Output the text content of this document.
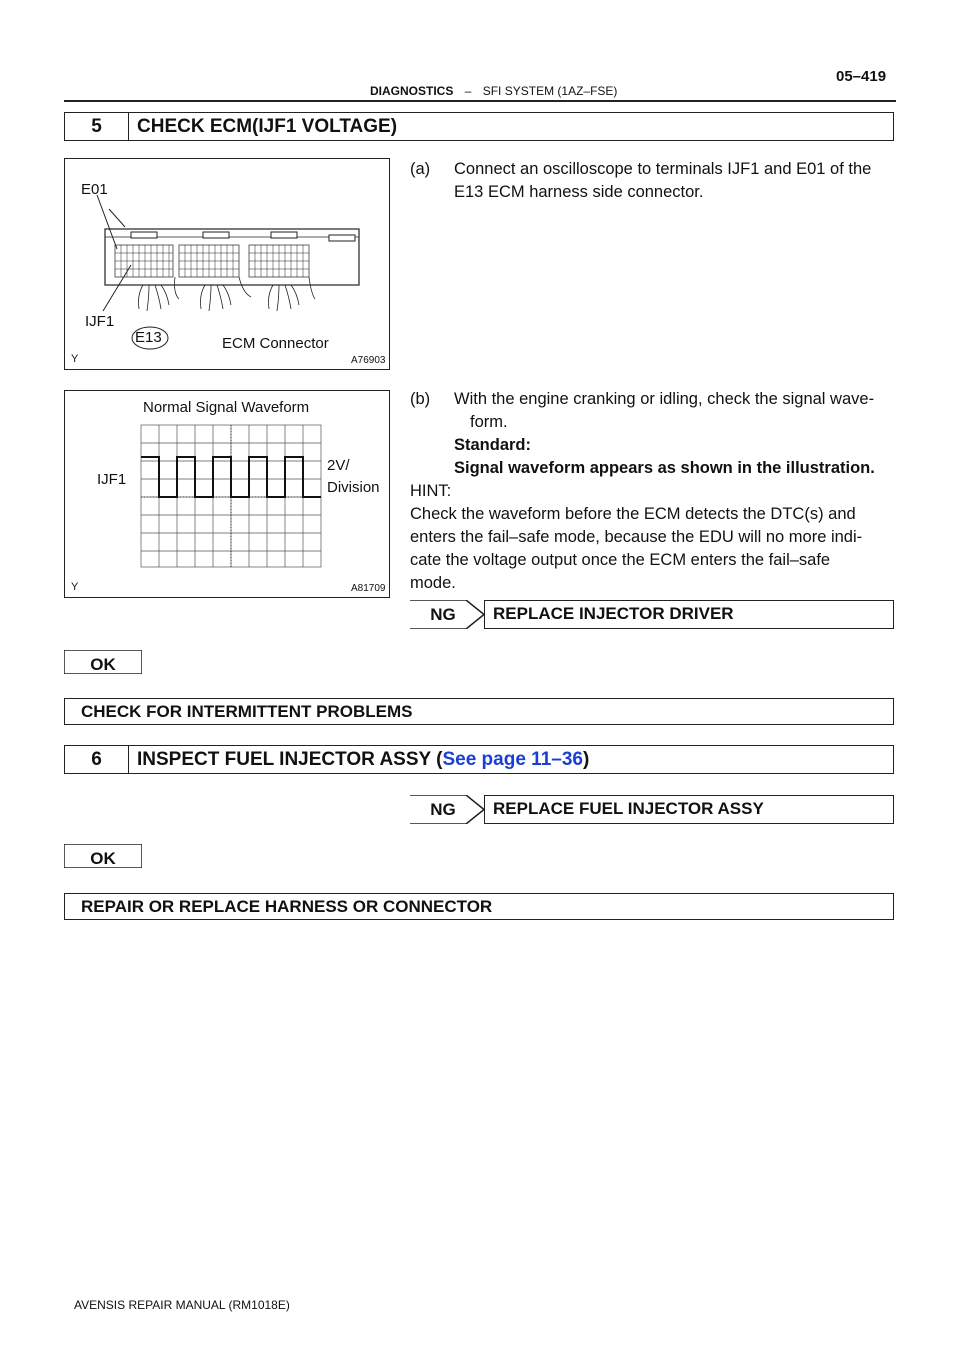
05–419
DIAGNOSTICS – SFI SYSTEM (1AZ–FSE)
5	CHECK ECM(IJF1 VOLTAGE)
E01
IJF1
E13	ECM Connector
Y	A76903
(a) Connect an oscilloscope to terminals IJF1 and E01 of the
E13 ECM harness side connector.
Normal Signal Waveform
IJF1
2V/
Division
Y	A81709
(b) With the engine cranking or idling, check the signal wave-
form.
Standard:
Signal waveform appears as shown in the illustration.
HINT:
Check the waveform before the ECM detects the DTC(s) and
enters the fail–safe mode, because the EDU will no more indi-
cate the voltage output once the ECM enters the fail–safe
mode.
NG	REPLACE INJECTOR DRIVER
OK
CHECK FOR INTERMITTENT PROBLEMS
6	INSPECT FUEL INJECTOR ASSY (See page 11–36)
NG	REPLACE FUEL INJECTOR ASSY
OK
REPAIR OR REPLACE HARNESS OR CONNECTOR
AVENSIS REPAIR MANUAL (RM1018E)
